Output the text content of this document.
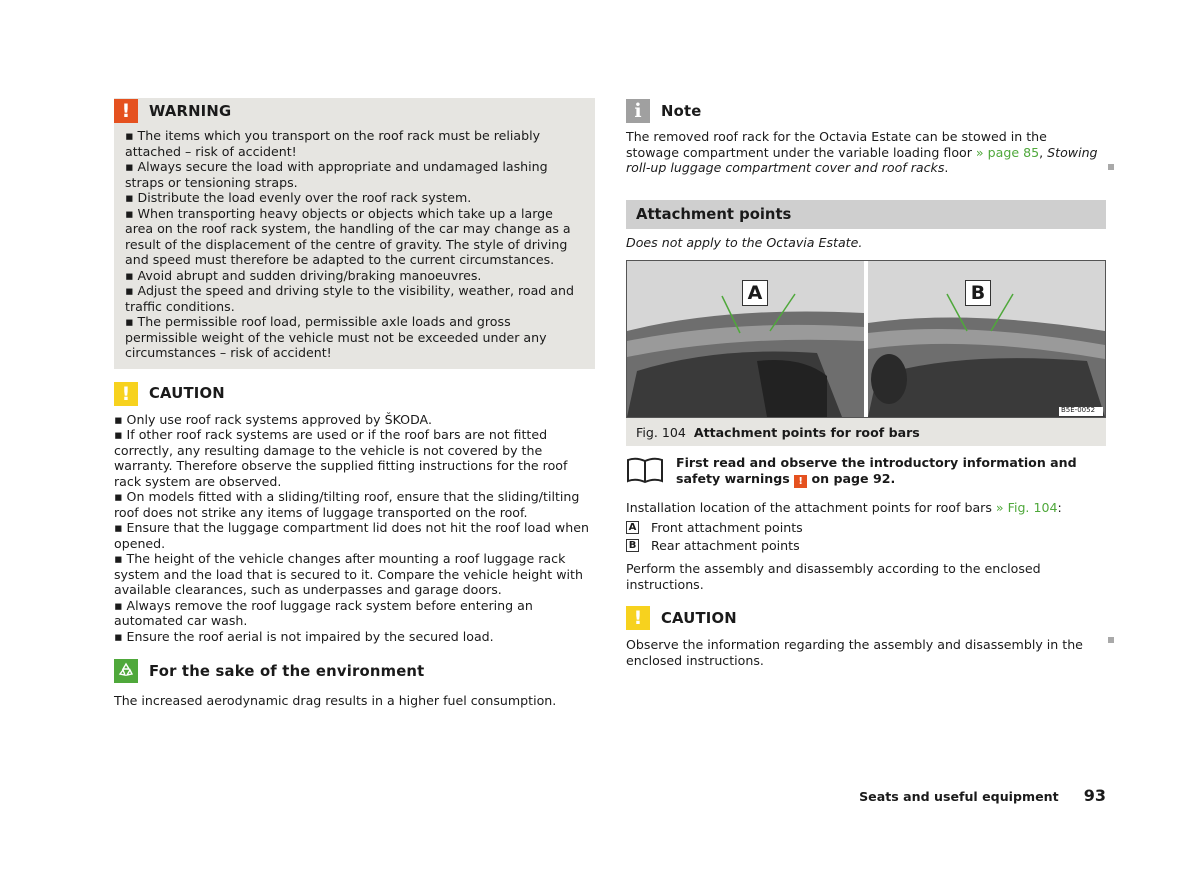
!	WARNING

▪ The items which you transport on the roof rack must be reliably attached – risk of accident!

▪ Always secure the load with appropriate and undamaged lashing straps or tensioning straps.

▪ Distribute the load evenly over the roof rack system.

▪ When transporting heavy objects or objects which take up a large area on the roof rack system, the handling of the car may change as a result of the displacement of the centre of gravity. The style of driving and speed must therefore be adapted to the current circumstances.

▪ Avoid abrupt and sudden driving/braking manoeuvres.

▪ Adjust the speed and driving style to the visibility, weather, road and traffic conditions.

▪ The permissible roof load, permissible axle loads and gross permissible weight of the vehicle must not be exceeded under any circumstances – risk of accident!

!	CAUTION

▪ Only use roof rack systems approved by ŠKODA.

▪ If other roof rack systems are used or if the roof bars are not fitted correctly, any resulting damage to the vehicle is not covered by the warranty. Therefore observe the supplied fitting instructions for the roof rack system are observed.

▪ On models fitted with a sliding/tilting roof, ensure that the sliding/tilting roof does not strike any items of luggage transported on the roof.

▪ Ensure that the luggage compartment lid does not hit the roof load when opened.

▪ The height of the vehicle changes after mounting a roof luggage rack system and the load that is secured to it. Compare the vehicle height with available clearances, such as underpasses and garage doors.

▪ Always remove the roof luggage rack system before entering an automated car wash.

▪ Ensure the roof aerial is not impaired by the secured load.

For the sake of the environment

The increased aerodynamic drag results in a higher fuel consumption.

i	Note

The removed roof rack for the Octavia Estate can be stowed in the stowage compartment under the variable loading floor » page 85, Stowing roll-up luggage compartment cover and roof racks.

Attachment points

Does not apply to the Octavia Estate.

A	B
B5E-0052
Fig. 104 Attachment points for roof bars

First read and observe the introductory information and safety warnings ! on page 92.

Installation location of the attachment points for roof bars » Fig. 104:

A Front attachment points
B Rear attachment points

Perform the assembly and disassembly according to the enclosed instructions.

!	CAUTION

Observe the information regarding the assembly and disassembly in the enclosed instructions.

Seats and useful equipment 93
